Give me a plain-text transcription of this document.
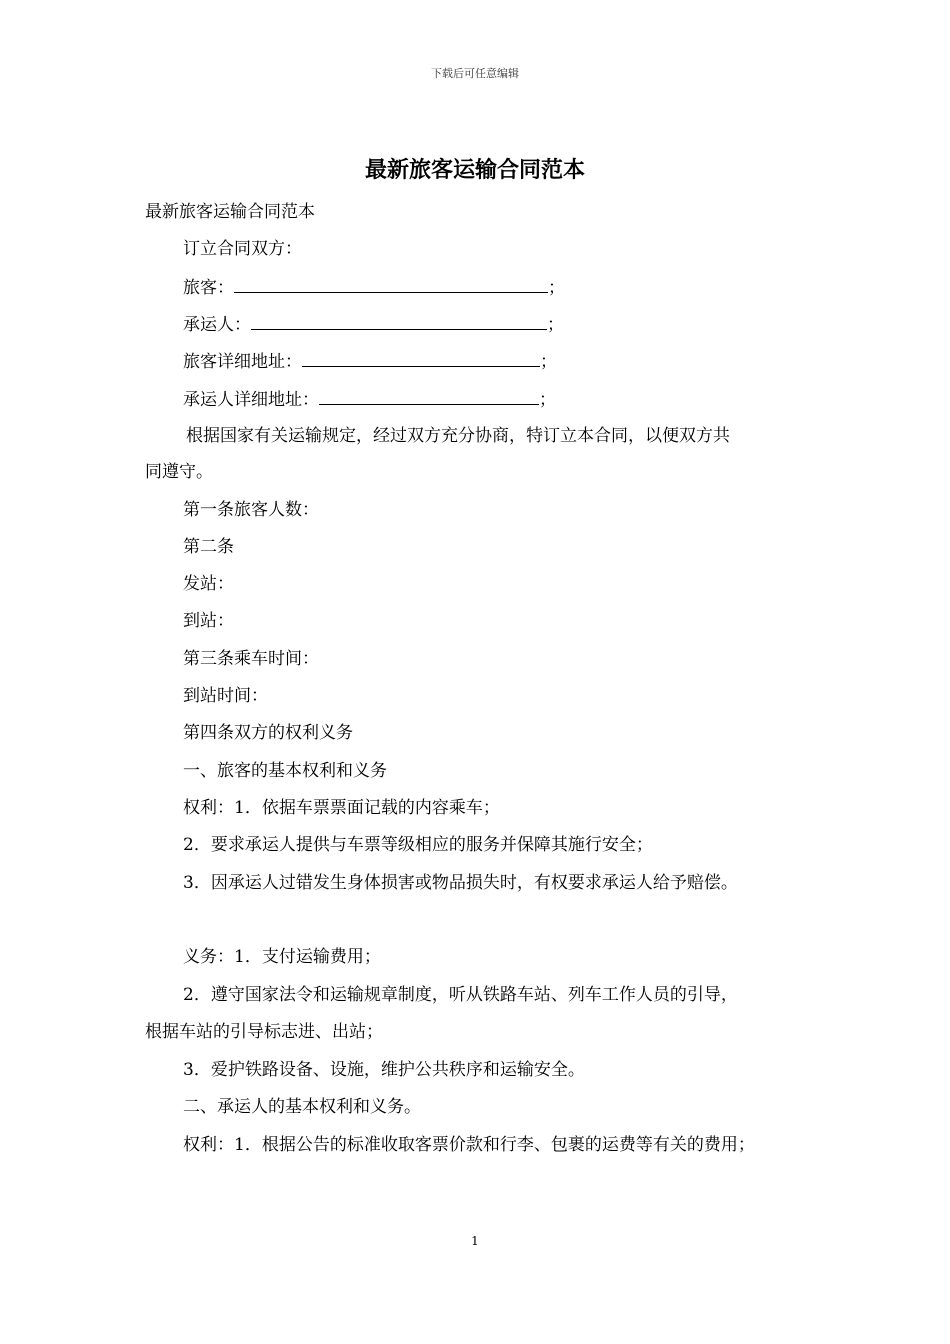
下载后可任意编辑
最新旅客运输合同范本
最新旅客运输合同范本
订立合同双方：
旅客：	；
承运人：	；
旅客详细地址：	；
承运人详细地址：	；
根据国家有关运输规定，经过双方充分协商，特订立本合同，以便双方共
同遵守。
第一条旅客人数：
第二条
发站：
到站：
第三条乘车时间：
到站时间：
第四条双方的权利义务
一、旅客的基本权利和义务
权利：1．依据车票票面记载的内容乘车；
2．要求承运人提供与车票等级相应的服务并保障其施行安全；
3．因承运人过错发生身体损害或物品损失时，有权要求承运人给予赔偿。
义务：1．支付运输费用；
2．遵守国家法令和运输规章制度，听从铁路车站、列车工作人员的引导，
根据车站的引导标志进、出站；
3．爱护铁路设备、设施，维护公共秩序和运输安全。
二、承运人的基本权利和义务。
权利：1．根据公告的标准收取客票价款和行李、包裹的运费等有关的费用；
1
